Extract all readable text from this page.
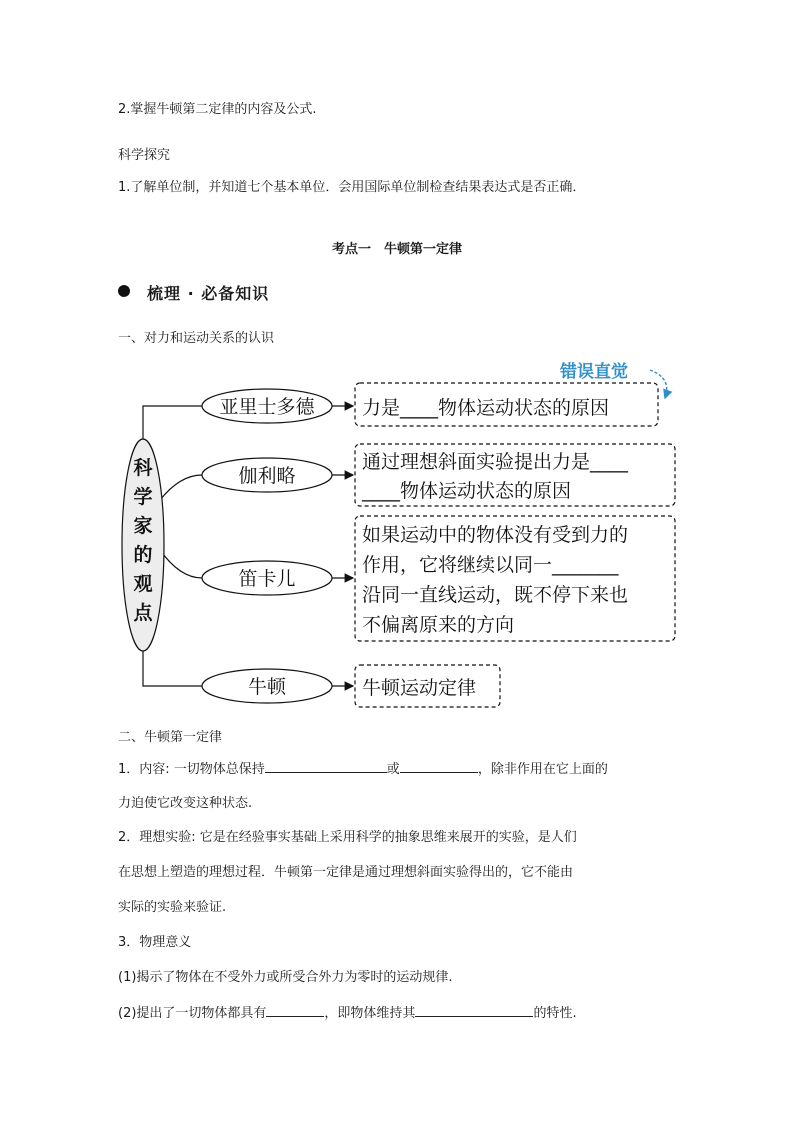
2.掌握牛顿第二定律的内容及公式.
科学探究
1.了解单位制，并知道七个基本单位．会用国际单位制检查结果表达式是否正确．
考点一　牛顿第一定律
梳理 · 必备知识
一、对力和运动关系的认识
科
学
家
的
观
点
亚里士多德
伽利略
笛卡儿
牛顿
力是____物体运动状态的原因
通过理想斜面实验提出力是____
____物体运动状态的原因
如果运动中的物体没有受到力的
作用，它将继续以同一_______
沿同一直线运动，既不停下来也
不偏离原来的方向
牛顿运动定律
错误直觉
二、牛顿第一定律
1．内容: 一切物体总保持	或	，除非作用在它上面的
力迫使它改变这种状态.
2．理想实验: 它是在经验事实基础上采用科学的抽象思维来展开的实验，是人们
在思想上塑造的理想过程．牛顿第一定律是通过理想斜面实验得出的，它不能由
实际的实验来验证.
3．物理意义
(1)揭示了物体在不受外力或所受合外力为零时的运动规律.
(2)提出了一切物体都具有	，即物体维持其	的特性.
